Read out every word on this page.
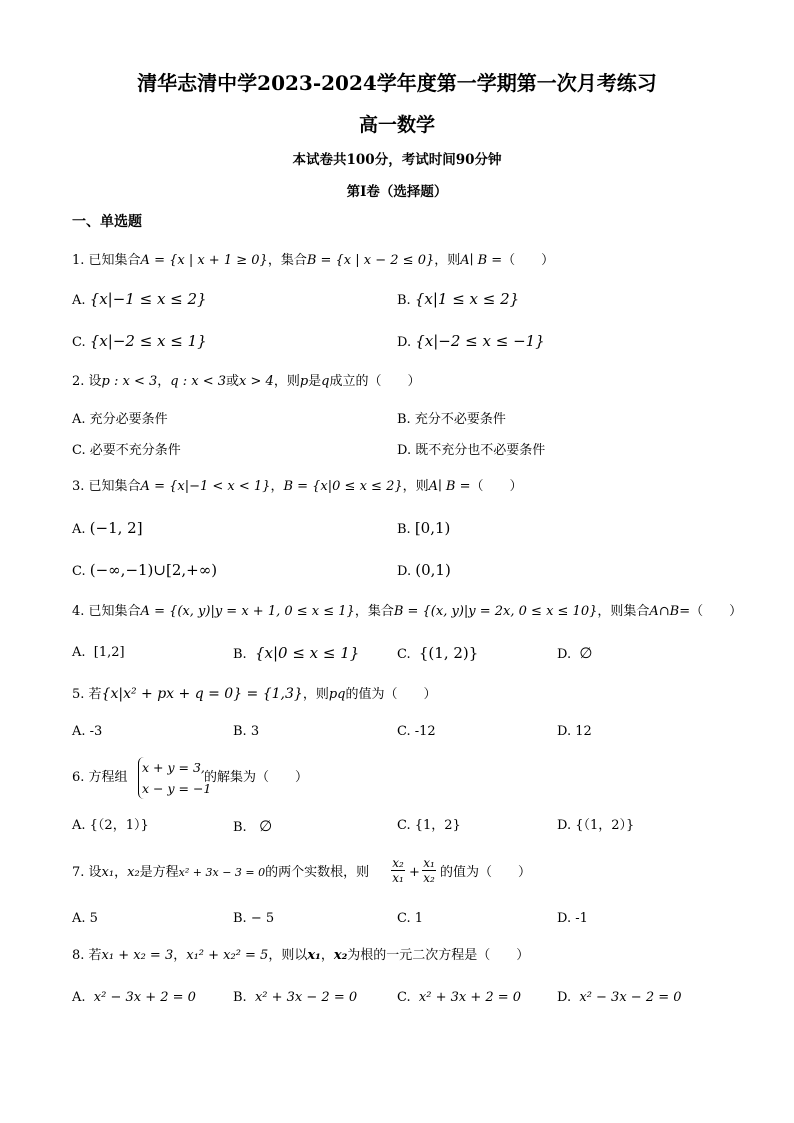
清华志清中学2023-2024学年度第一学期第一次月考练习
高一数学
本试卷共100分，考试时间90分钟
第I卷（选择题）
一、单选题
1. 已知集合A = {x | x + 1 ≥ 0}，集合B = {x | x − 2 ≤ 0}，则A∣ B =（　　）
A. {x|−1 ≤ x ≤ 2}	B. {x|1 ≤ x ≤ 2}
C. {x|−2 ≤ x ≤ 1}	D. {x|−2 ≤ x ≤ −1}
2. 设p : x < 3，q : x < 3或x > 4，则p是q成立的（　　）
A. 充分必要条件	B. 充分不必要条件
C. 必要不充分条件	D. 既不充分也不必要条件
3. 已知集合A = {x|−1 < x < 1}，B = {x|0 ≤ x ≤ 2}，则A∣ B =（　　）
A. (−1, 2]	B. [0,1)
C. (−∞,−1)∪[2,+∞)	D. (0,1)
4. 已知集合A = {(x, y)|y = x + 1, 0 ≤ x ≤ 1}，集合B = {(x, y)|y = 2x, 0 ≤ x ≤ 10}，则集合A∩B=（　　）
A. [1,2]	B. {x|0 ≤ x ≤ 1}	C. {(1, 2)}	D. ∅
5. 若{x|x² + px + q = 0} = {1,3}，则pq的值为（　　）
A. -3	B. 3	C. -12	D. 12
6. 方程组
x + y = 3,
x − y = −1
的解集为（　　）
A. {（2，1）}	B. ∅	C. {1，2}	D. {（1，2）}
7. 设x₁，x₂是方程x² + 3x − 3 = 0的两个实数根，则 $\frac{\text{x₂}}{\text{x₁}} + \frac{\text{x₁}}{\text{x₂}}$ 的值为（　　）
A. 5	B. − 5	C. 1	D. -1
8. 若x₁ + x₂ = 3，x₁² + x₂² = 5，则以x₁，x₂为根的一元二次方程是（　　）
A. x² − 3x + 2 = 0	B. x² + 3x − 2 = 0	C. x² + 3x + 2 = 0	D. x² − 3x − 2 = 0
